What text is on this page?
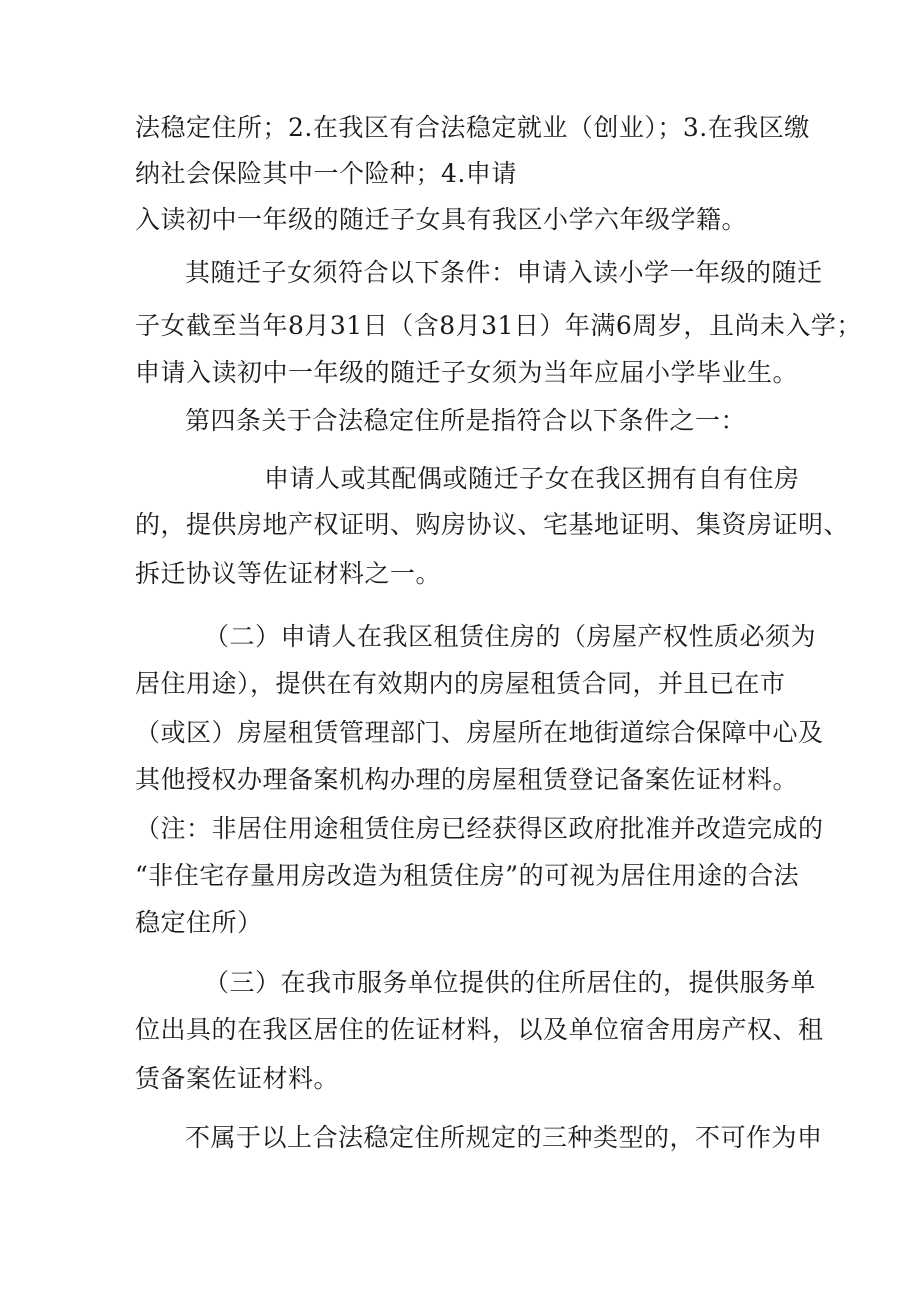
法稳定住所；2.在我区有合法稳定就业（创业）；3.在我区缴
纳社会保险其中一个险种；4.申请
入读初中一年级的随迁子女具有我区小学六年级学籍。
其随迁子女须符合以下条件：申请入读小学一年级的随迁
子女截至当年8月31日（含8月31日）年满6周岁，且尚未入学；
申请入读初中一年级的随迁子女须为当年应届小学毕业生。
第四条关于合法稳定住所是指符合以下条件之一：
申请人或其配偶或随迁子女在我区拥有自有住房
的，提供房地产权证明、购房协议、宅基地证明、集资房证明、
拆迁协议等佐证材料之一。
（二）申请人在我区租赁住房的（房屋产权性质必须为
居住用途），提供在有效期内的房屋租赁合同，并且已在市
（或区）房屋租赁管理部门、房屋所在地街道综合保障中心及
其他授权办理备案机构办理的房屋租赁登记备案佐证材料。
（注：非居住用途租赁住房已经获得区政府批准并改造完成的
“非住宅存量用房改造为租赁住房”的可视为居住用途的合法
稳定住所）
（三）在我市服务单位提供的住所居住的，提供服务单
位出具的在我区居住的佐证材料，以及单位宿舍用房产权、租
赁备案佐证材料。
不属于以上合法稳定住所规定的三种类型的，不可作为申
